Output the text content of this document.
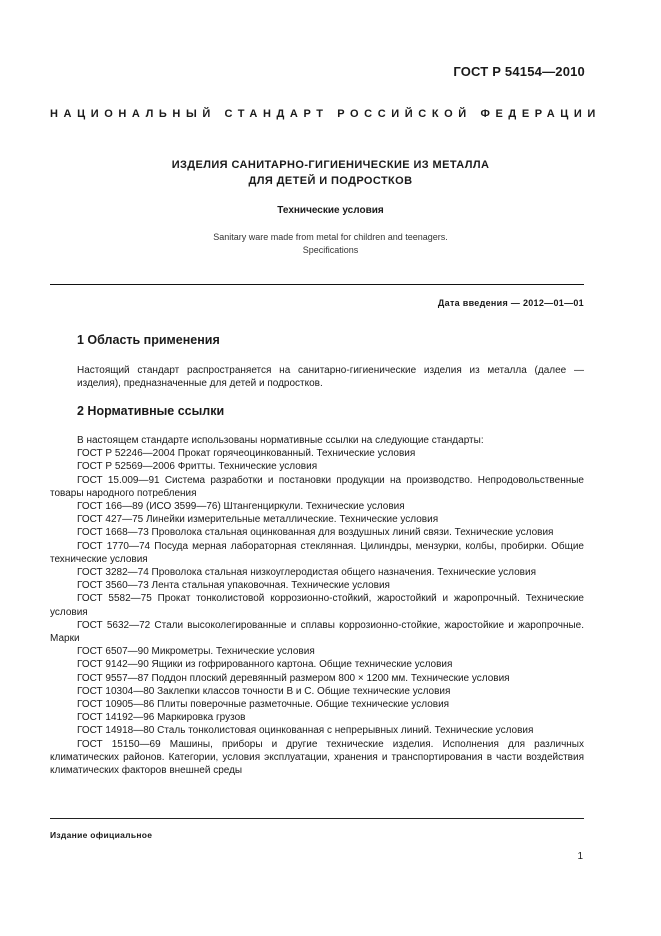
ГОСТ Р 54154—2010
НАЦИОНАЛЬНЫЙ СТАНДАРТ РОССИЙСКОЙ ФЕДЕРАЦИИ
ИЗДЕЛИЯ САНИТАРНО-ГИГИЕНИЧЕСКИЕ ИЗ МЕТАЛЛА
ДЛЯ ДЕТЕЙ И ПОДРОСТКОВ
Технические условия
Sanitary ware made from metal for children and teenagers.
Specifications
Дата введения — 2012—01—01
1 Область применения
Настоящий стандарт распространяется на санитарно-гигиенические изделия из металла (далее — изделия), предназначенные для детей и подростков.
2 Нормативные ссылки
В настоящем стандарте использованы нормативные ссылки на следующие стандарты:
ГОСТ Р 52246—2004 Прокат горячеоцинкованный. Технические условия
ГОСТ Р 52569—2006 Фритты. Технические условия
ГОСТ 15.009—91 Система разработки и постановки продукции на производство. Непродовольственные товары народного потребления
ГОСТ 166—89 (ИСО 3599—76) Штангенциркули. Технические условия
ГОСТ 427—75 Линейки измерительные металлические. Технические условия
ГОСТ 1668—73 Проволока стальная оцинкованная для воздушных линий связи. Технические условия
ГОСТ 1770—74 Посуда мерная лабораторная стеклянная. Цилиндры, мензурки, колбы, пробирки. Общие технические условия
ГОСТ 3282—74 Проволока стальная низкоуглеродистая общего назначения. Технические условия
ГОСТ 3560—73 Лента стальная упаковочная. Технические условия
ГОСТ 5582—75 Прокат тонколистовой коррозионно-стойкий, жаростойкий и жаропрочный. Технические условия
ГОСТ 5632—72 Стали высоколегированные и сплавы коррозионно-стойкие, жаростойкие и жаропрочные. Марки
ГОСТ 6507—90 Микрометры. Технические условия
ГОСТ 9142—90 Ящики из гофрированного картона. Общие технические условия
ГОСТ 9557—87 Поддон плоский деревянный размером 800 × 1200 мм. Технические условия
ГОСТ 10304—80 Заклепки классов точности В и С. Общие технические условия
ГОСТ 10905—86 Плиты поверочные разметочные. Общие технические условия
ГОСТ 14192—96 Маркировка грузов
ГОСТ 14918—80 Сталь тонколистовая оцинкованная с непрерывных линий. Технические условия
ГОСТ 15150—69 Машины, приборы и другие технические изделия. Исполнения для различных климатических районов. Категории, условия эксплуатации, хранения и транспортирования в части воздействия климатических факторов внешней среды
Издание официальное
1
